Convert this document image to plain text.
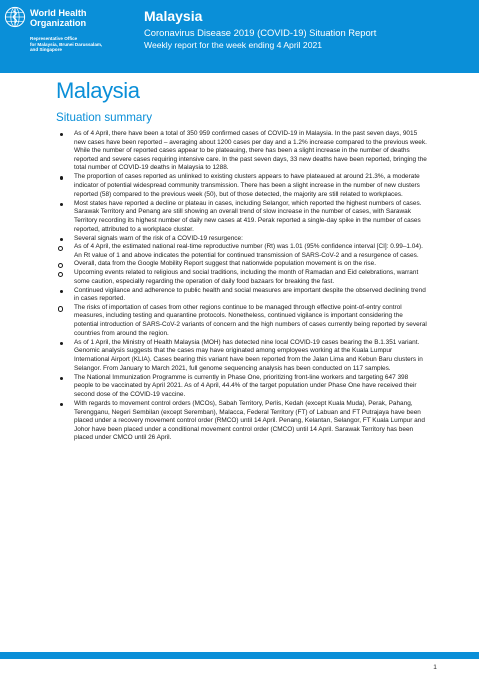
World Health
Organization
Representative Office
for Malaysia, Brunei Darussalam,
and Singapore
Malaysia
Coronavirus Disease 2019 (COVID-19) Situation Report
Weekly report for the week ending 4 April 2021
Malaysia
Situation summary
As of 4 April, there have been a total of 350 959 confirmed cases of COVID-19 in Malaysia. In the past seven days, 9015 new cases have been reported – averaging about 1200 cases per day and a 1.2% increase compared to the previous week. While the number of reported cases appear to be plateauing, there has been a slight increase in the number of deaths reported and severe cases requiring intensive care. In the past seven days, 33 new deaths have been reported, bringing the total number of COVID-19 deaths in Malaysia to 1288.
The proportion of cases reported as unlinked to existing clusters appears to have plateaued at around 21.3%, a moderate indicator of potential widespread community transmission. There has been a slight increase in the number of new clusters reported (58) compared to the previous week (50), but of those detected, the majority are still related to workplaces.
Most states have reported a decline or plateau in cases, including Selangor, which reported the highest numbers of cases. Sarawak Territory and Penang are still showing an overall trend of slow increase in the number of cases, with Sarawak Territory recording its highest number of daily new cases at 419. Perak reported a single-day spike in the number of cases reported, attributed to a workplace cluster.
Several signals warn of the risk of a COVID-19 resurgence:
As of 4 April, the estimated national real-time reproductive number (Rt) was 1.01 (95% confidence interval [CI]: 0.99–1.04). An Rt value of 1 and above indicates the potential for continued transmission of SARS-CoV-2 and a resurgence of cases.
Overall, data from the Google Mobility Report suggest that nationwide population movement is on the rise.
Upcoming events related to religious and social traditions, including the month of Ramadan and Eid celebrations, warrant some caution, especially regarding the operation of daily food bazaars for breaking the fast.
Continued vigilance and adherence to public health and social measures are important despite the observed declining trend in cases reported.
The risks of importation of cases from other regions continue to be managed through effective point-of-entry control measures, including testing and quarantine protocols. Nonetheless, continued vigilance is important considering the potential introduction of SARS-CoV-2 variants of concern and the high numbers of cases currently being reported by several countries from around the region.
As of 1 April, the Ministry of Health Malaysia (MOH) has detected nine local COVID-19 cases bearing the B.1.351 variant. Genomic analysis suggests that the cases may have originated among employees working at the Kuala Lumpur International Airport (KLIA). Cases bearing this variant have been reported from the Jalan Lima and Kebun Baru clusters in Selangor. From January to March 2021, full genome sequencing analysis has been conducted on 117 samples.
The National Immunization Programme is currently in Phase One, prioritizing front-line workers and targeting 647 398 people to be vaccinated by April 2021. As of 4 April, 44.4% of the target population under Phase One have received their second dose of the COVID-19 vaccine.
With regards to movement control orders (MCOs), Sabah Territory, Perlis, Kedah (except Kuala Muda), Perak, Pahang, Terengganu, Negeri Sembilan (except Seremban), Malacca, Federal Territory (FT) of Labuan and FT Putrajaya have been placed under a recovery movement control order (RMCO) until 14 April. Penang, Kelantan, Selangor, FT Kuala Lumpur and Johor have been placed under a conditional movement control order (CMCO) until 14 April. Sarawak Territory has been placed under CMCO until 26 April.
1
